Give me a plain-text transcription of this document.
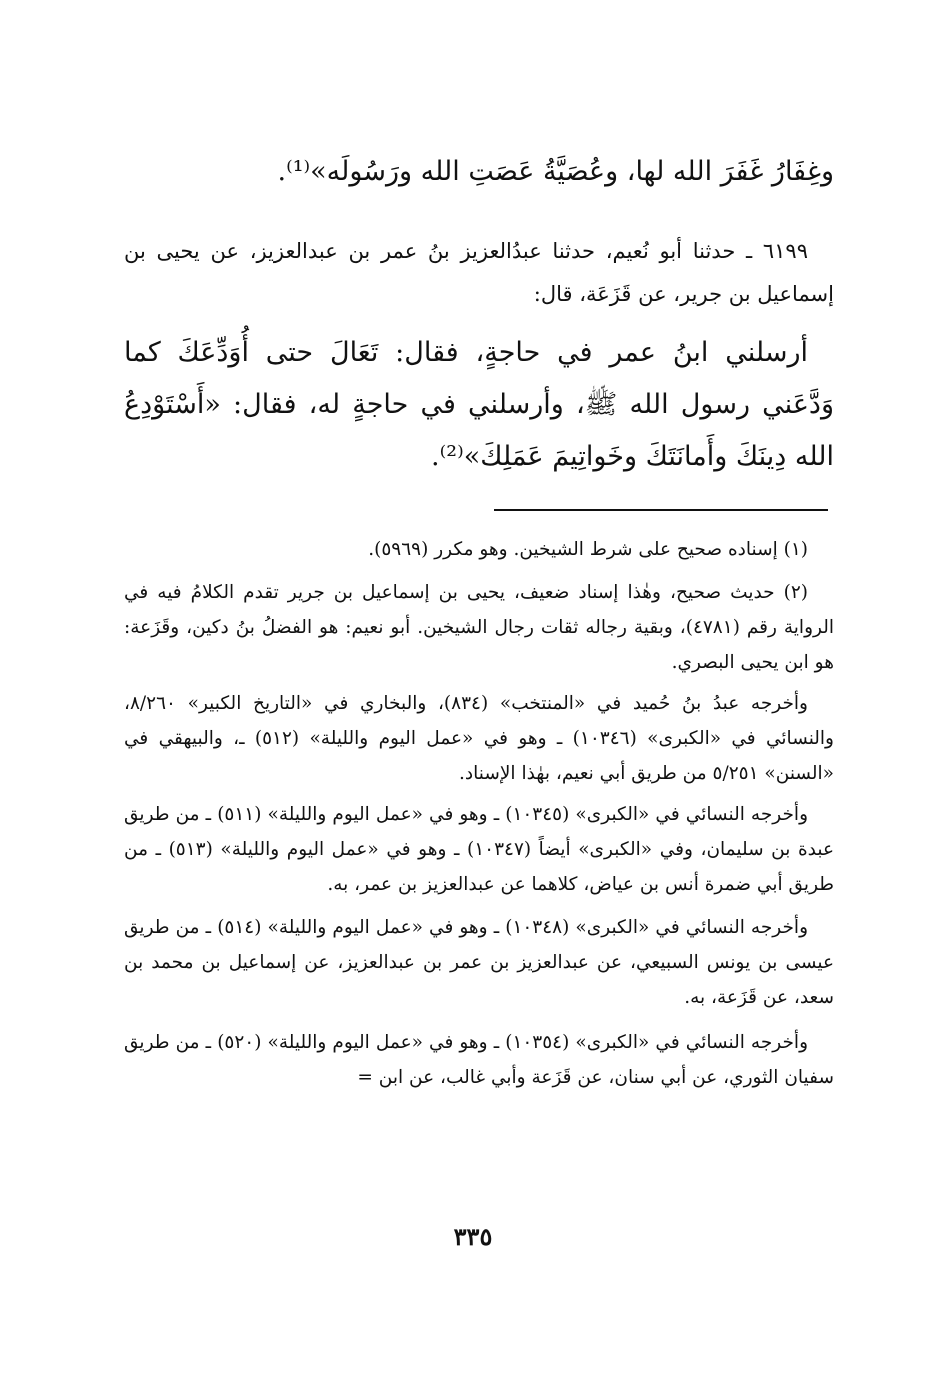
وغِفَارُ غَفَرَ الله لها، وعُصَيَّةُ عَصَتِ الله ورَسُولَه»⁽¹⁾.
٦١٩٩ ـ حدثنا أبو نُعيم، حدثنا عبدُالعزيز بنُ عمر بن عبدالعزيز، عن يحيى بن إسماعيل بن جرير، عن قَزَعَة، قال:
أرسلني ابنُ عمر في حاجةٍ، فقال: تَعَالَ حتى أُوَدِّعَكَ كما وَدَّعَني رسول الله ﷺ، وأرسلني في حاجةٍ له، فقال: «أَسْتَوْدِعُ الله دِينَكَ وأَمانَتَكَ وخَواتِيمَ عَمَلِكَ»⁽²⁾.

(١) إسناده صحيح على شرط الشيخين. وهو مكرر (٥٩٦٩).

(٢) حديث صحيح، وهٰذا إسناد ضعيف، يحيى بن إسماعيل بن جرير تقدم الكلامُ فيه في الرواية رقم (٤٧٨١)، وبقية رجاله ثقات رجال الشيخين. أبو نعيم: هو الفضلُ بنُ دكين، وقَزَعة: هو ابن يحيى البصري.

وأخرجه عبدُ بنُ حُميد في «المنتخب» (٨٣٤)، والبخاري في «التاريخ الكبير» ٨/٢٦٠، والنسائي في «الكبرى» (١٠٣٤٦) ـ وهو في «عمل اليوم والليلة» (٥١٢) ـ، والبيهقي في «السنن» ٥/٢٥١ من طريق أبي نعيم، بهٰذا الإسناد.

وأخرجه النسائي في «الكبرى» (١٠٣٤٥) ـ وهو في «عمل اليوم والليلة» (٥١١) ـ من طريق عبدة بن سليمان، وفي «الكبرى» أيضاً (١٠٣٤٧) ـ وهو في «عمل اليوم والليلة» (٥١٣) ـ من طريق أبي ضمرة أنس بن عياض، كلاهما عن عبدالعزيز بن عمر، به.

وأخرجه النسائي في «الكبرى» (١٠٣٤٨) ـ وهو في «عمل اليوم والليلة» (٥١٤) ـ من طريق عيسى بن يونس السبيعي، عن عبدالعزيز بن عمر بن عبدالعزيز، عن إسماعيل بن محمد بن سعد، عن قَزَعة، به.

وأخرجه النسائي في «الكبرى» (١٠٣٥٤) ـ وهو في «عمل اليوم والليلة» (٥٢٠) ـ من طريق سفيان الثوري، عن أبي سنان، عن قَزَعة وأبي غالب، عن ابن =

٣٣٥
